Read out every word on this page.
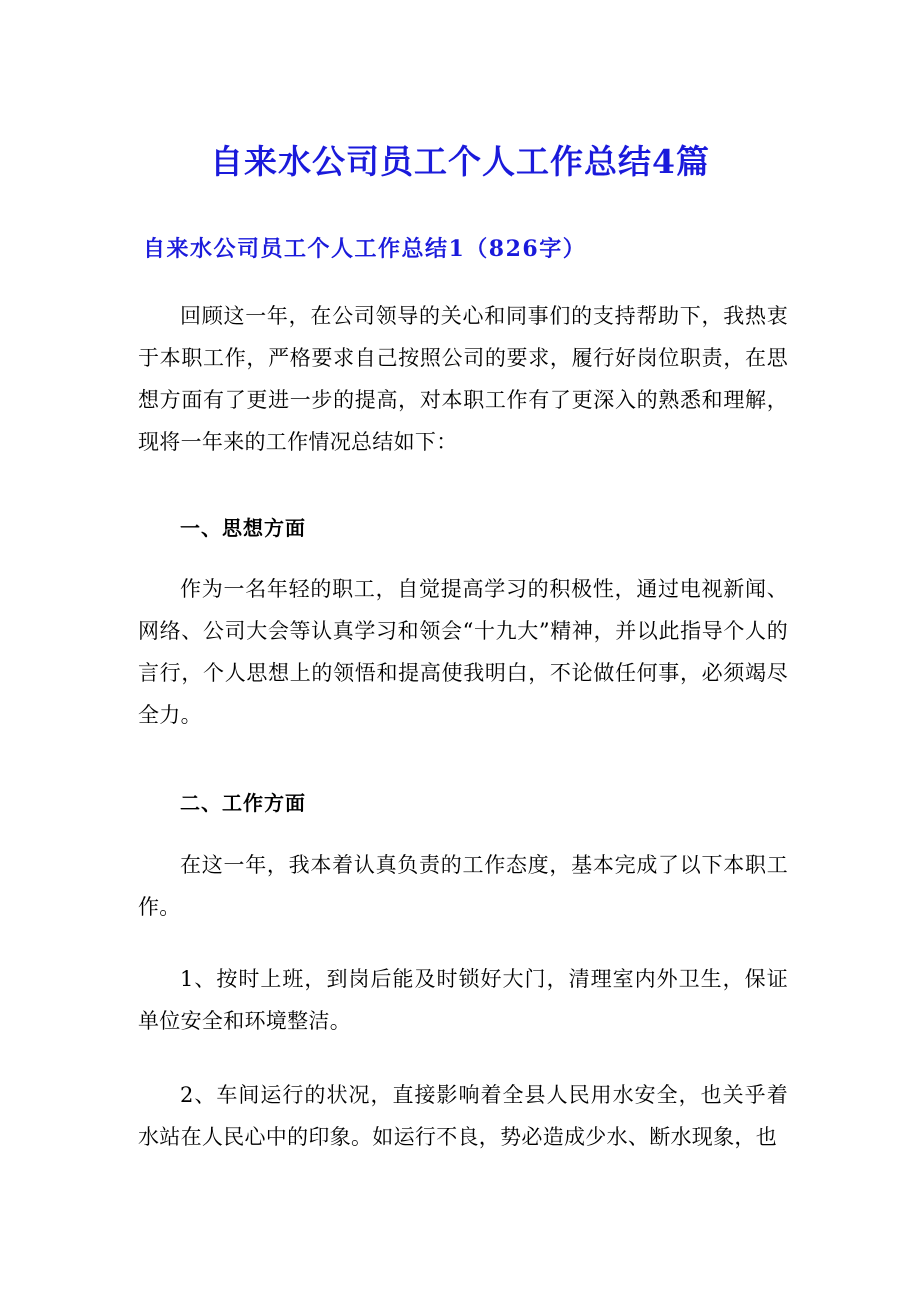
自来水公司员工个人工作总结4篇
自来水公司员工个人工作总结1（826字）

回顾这一年，在公司领导的关心和同事们的支持帮助下，我热衷于本职工作，严格要求自己按照公司的要求，履行好岗位职责，在思想方面有了更进一步的提高，对本职工作有了更深入的熟悉和理解，现将一年来的工作情况总结如下：

一、思想方面

作为一名年轻的职工，自觉提高学习的积极性，通过电视新闻、网络、公司大会等认真学习和领会“十九大”精神，并以此指导个人的言行，个人思想上的领悟和提高使我明白，不论做任何事，必须竭尽全力。

二、工作方面

在这一年，我本着认真负责的工作态度，基本完成了以下本职工作。

1、按时上班，到岗后能及时锁好大门，清理室内外卫生，保证单位安全和环境整洁。

2、车间运行的状况，直接影响着全县人民用水安全，也关乎着水站在人民心中的印象。如运行不良，势必造成少水、断水现象，也
